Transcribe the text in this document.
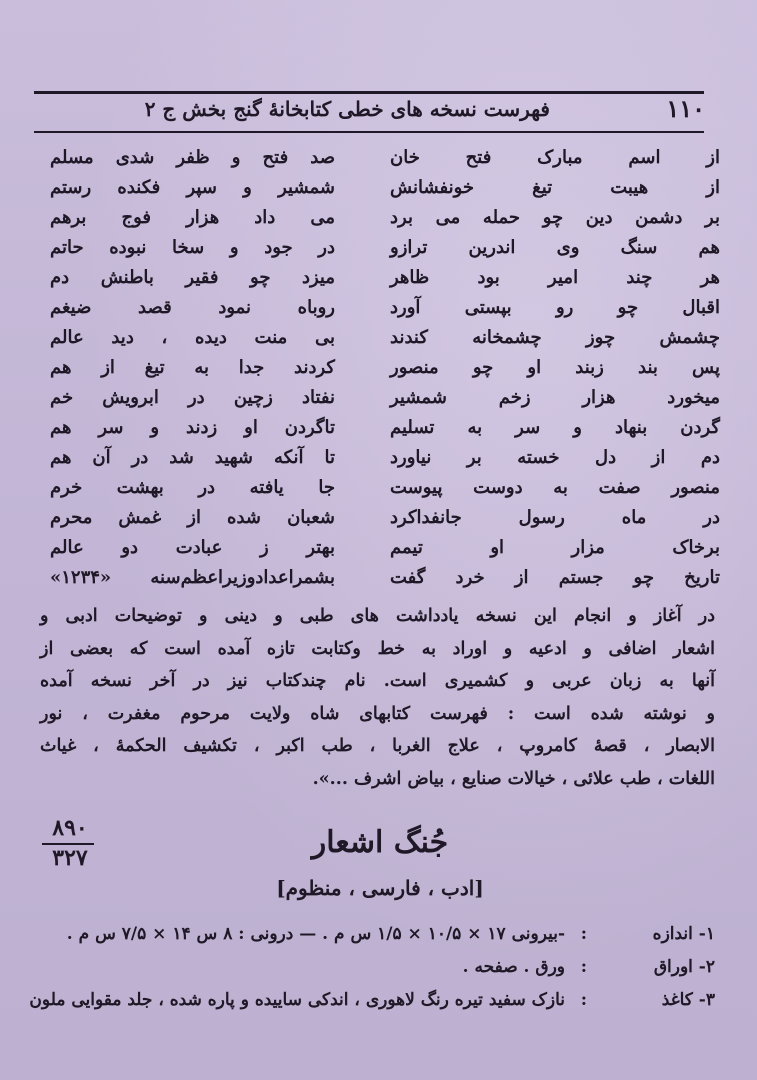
فهرست نسخه های خطی کتابخانهٔ گنج بخش ج ۲	۱۱۰
از اسم مبارک فتح خان
از هیبت تیغ خونفشانش
بر دشمن دین چو حمله می برد
هم سنگ وی اندرین ترازو
هر چند امیر بود ظاهر
اقبال چو رو بپستی آورد
چشمش چوز چشمخانه کندند
پس بند زبند او چو منصور
میخورد هزار زخم شمشیر
گردن بنهاد و سر به تسلیم
دم از دل خسته بر نیاورد
منصور صفت به دوست پیوست
در ماه رسول جانفداکرد
برخاک مزار او تیمم
تاریخ چو جستم از خرد گفت
صد فتح و ظفر شدی مسلم
شمشیر و سپر فکنده رستم
می داد هزار فوج برهم
در جود و سخا نبوده حاتم
میزد چو فقیر باطنش دم
روباه نمود قصد ضیغم
بی منت دیده ، دید عالم
کردند جدا به تیغ از هم
نفتاد زچین در ابرویش خم
تاگردن او زدند و سر هم
تا آنکه شهید شد در آن هم
جا یافته در بهشت خرم
شعبان شده از غمش محرم
بهتر ز عبادت دو عالم
بشمراعدادوزیراعظم‌سنه «۱۲۳۴»
در آغاز و انجام این نسخه یادداشت های طبی و دینی و توضیحات ادبی و
اشعار اضافی و ادعیه و اوراد به خط وکتابت تازه آمده است که بعضی از
آنها به زبان عربی و کشمیری است. نام چندکتاب نیز در آخر نسخه آمده
و نوشته شده است : فهرست کتابهای شاه ولایت مرحوم مغفرت ، نور
الابصار ، قصهٔ کامروپ ، علاج الغربا ، طب اکبر ، تکشیف الحکمهٔ ، غیاث
اللغات ، طب علائی ، خیالات صنایع ، بیاض اشرف ...».
۸۹۰
۳۲۷	جُنگ اشعار
[ادب ، فارسی ، منظوم]
۱- اندازه
:
-بیرونی ۱۷ × ۱۰/۵ × ۱/۵ س م . — درونی : ۸ س ۱۴ × ۷/۵ س م .
۲- اوراق
:
ورق . صفحه .
۳- کاغذ
:
نازک سفید تیره رنگ لاهوری ، اندکی ساییده و پاره شده ، جلد مقوایی ملون
